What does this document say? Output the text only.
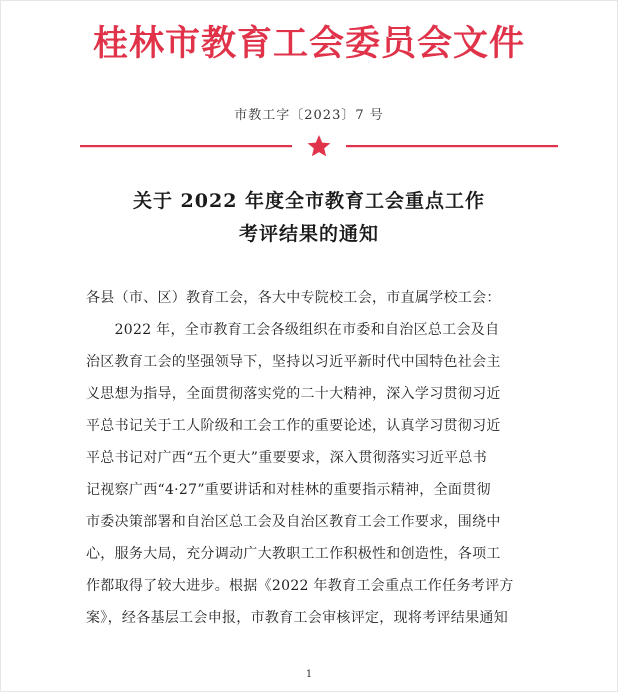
桂林市教育工会委员会文件
市教工字〔2023〕7 号
关于 2022 年度全市教育工会重点工作
考评结果的通知
各县（市、区）教育工会，各大中专院校工会，市直属学校工会：
　　2022 年，全市教育工会各级组织在市委和自治区总工会及自
治区教育工会的坚强领导下，坚持以习近平新时代中国特色社会主
义思想为指导，全面贯彻落实党的二十大精神，深入学习贯彻习近
平总书记关于工人阶级和工会工作的重要论述，认真学习贯彻习近
平总书记对广西“五个更大”重要要求，深入贯彻落实习近平总书
记视察广西“4·27”重要讲话和对桂林的重要指示精神，全面贯彻
市委决策部署和自治区总工会及自治区教育工会工作要求，围绕中
心，服务大局，充分调动广大教职工工作积极性和创造性，各项工
作都取得了较大进步。根据《2022 年教育工会重点工作任务考评方
案》，经各基层工会申报，市教育工会审核评定，现将考评结果通知
1
